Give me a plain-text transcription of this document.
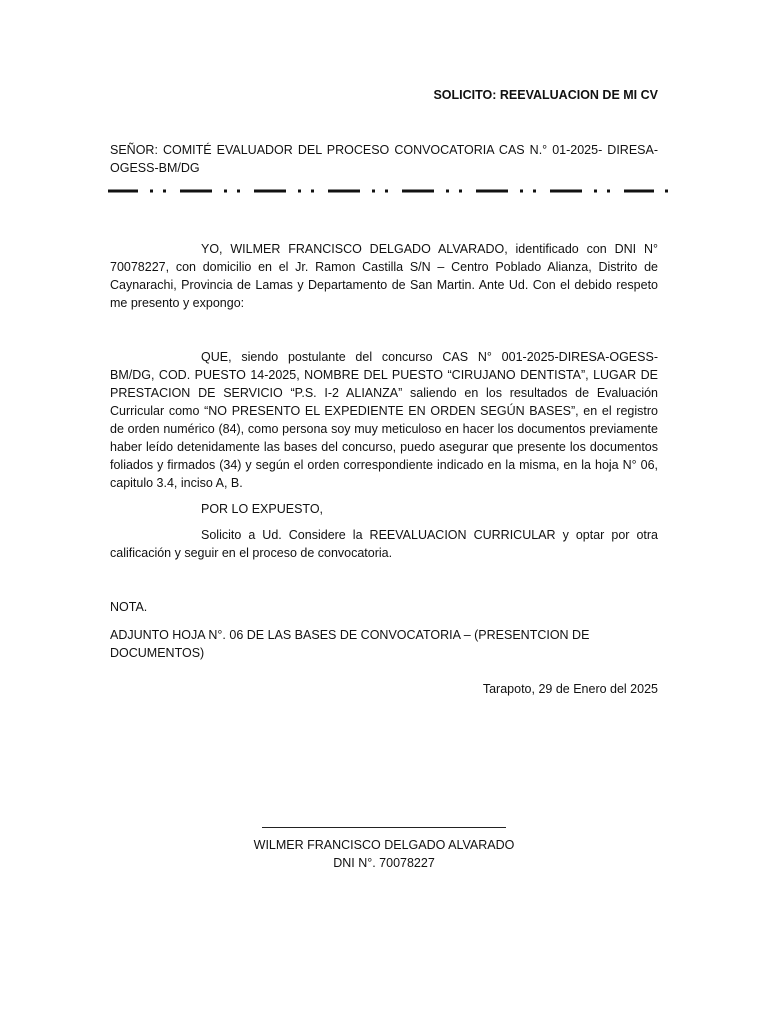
SOLICITO: REEVALUACION DE MI CV
SEÑOR: COMITÉ EVALUADOR DEL PROCESO CONVOCATORIA CAS N.° 01-2025- DIRESA-OGESS-BM/DG

YO, WILMER FRANCISCO DELGADO ALVARADO, identificado con DNI N° 70078227, con domicilio en el Jr. Ramon Castilla S/N – Centro Poblado Alianza, Distrito de Caynarachi, Provincia de Lamas y Departamento de San Martin. Ante Ud. Con el debido respeto me presento y expongo:

QUE, siendo postulante del concurso CAS N° 001-2025-DIRESA-OGESS-BM/DG, COD. PUESTO 14-2025, NOMBRE DEL PUESTO “CIRUJANO DENTISTA”, LUGAR DE PRESTACION DE SERVICIO “P.S. I-2 ALIANZA” saliendo en los resultados de Evaluación Curricular como “NO PRESENTO EL EXPEDIENTE EN ORDEN SEGÚN BASES”, en el registro de orden numérico (84), como persona soy muy meticuloso en hacer los documentos previamente haber leído detenidamente las bases del concurso, puedo asegurar que presente los documentos foliados y firmados (34) y según el orden correspondiente indicado en la misma, en la hoja N° 06, capitulo 3.4, inciso A, B.

POR LO EXPUESTO,

Solicito a Ud. Considere la REEVALUACION CURRICULAR y optar por otra calificación y seguir en el proceso de convocatoria.

NOTA.

ADJUNTO HOJA N°. 06 DE LAS BASES DE CONVOCATORIA – (PRESENTCION DE DOCUMENTOS)

Tarapoto, 29 de Enero del 2025
WILMER FRANCISCO DELGADO ALVARADO
DNI N°. 70078227
